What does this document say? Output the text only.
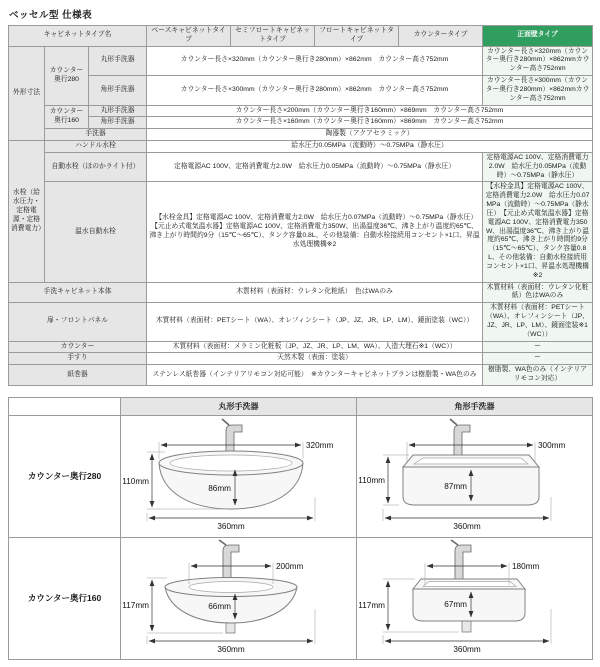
ベッセル型 仕様表
キャビネットタイプ名			ベースキャビネットタイプ	セミフロートキャビネットタイプ	フロートキャビネットタイプ	カウンタータイプ	正面壁タイプ
外形寸法	カウンター奥行280	丸形手洗器	カウンター長さ×320mm（カウンター奥行き280mm）×862mm　カウンター高さ752mm				カウンター長さ×320mm（カウンター奥行き280mm）×862mmカウンター高さ752mm
		角形手洗器	カウンター長さ×300mm（カウンター奥行き280mm）×862mm　カウンター高さ752mm				カウンター長さ×300mm（カウンター奥行き280mm）×862mmカウンター高さ752mm
	カウンター奥行160	丸形手洗器	カウンター長さ×200mm（カウンター奥行き160mm）×869mm　カウンター高さ752mm				
		角形手洗器	カウンター長さ×160mm（カウンター奥行き160mm）×869mm　カウンター高さ752mm				
	手洗器		陶器製（アクアセラミック）				
水栓（給水圧力・定格電源・定格消費電力）	ハンドル水栓		給水圧力0.05MPa（流動時）～0.75MPa（静水圧）				
	自動水栓（ほのかライト付）		定格電源AC 100V、定格消費電力2.0W　給水圧力0.05MPa（流動時）～0.75MPa（静水圧）				定格電源AC 100V、定格消費電力2.0W　給水圧力0.05MPa（流動時）～0.75MPa（静水圧）
	温水自動水栓		【水栓金具】定格電源AC 100V、定格消費電力2.0W　給水圧力0.07MPa（流動時）～0.75MPa（静水圧）　【元止め式電気温水器】定格電源AC 100V、定格消費電力350W、出湯温度36℃、沸き上がり温度約65℃、沸き上がり時間約9分（15℃～65℃）、タンク容量0.8L、その他装備：自動水栓接続用コンセント×1口、昇温水処理機構※2				【水栓金具】定格電源AC 100V、定格消費電力2.0W　給水圧力0.07MPa（流動時）～0.75MPa（静水圧）　【元止め式電気温水器】定格電源AC 100V、定格消費電力350W、出湯温度36℃、沸き上がり温度約65℃、沸き上がり時間約9分（15℃～65℃）、タンク容量0.8L、その他装備：自動水栓接続用コンセント×1口、昇温水処理機構※2
手洗キャビネット本体			木質材料（表面材：ウレタン化粧紙）　色はWAのみ				木質材料（表面材：ウレタン化粧紙）色はWAのみ
扉・フロントパネル			木質材料（表面材：PETシート（WA）、オレフィンシート（JP、JZ、JR、LP、LM）、鏡面塗装（WC））				木質材料（表面材：PETシート（WA）、オレフィンシート（JP、JZ、JR、LP、LM）、鏡面塗装※1（WC））
カウンター			木質材料（表面材：メラミン化粧板（JP、JZ、JR、LP、LM、WA）、人造大理石※1（WC））				ー
手すり			天然木製（表面：塗装）				ー
紙巻器			ステンレス紙巻器（インテリアリモコン対応可能）　※カウンターキャビネットプランは樹脂製・WA色のみ				樹脂製、WA色のみ（インテリアリモコン対応）
	丸形手洗器	角形手洗器
カウンター奥行280	320mm
110mm
86mm
360mm	300mm
110mm
87mm
360mm

カウンター奥行160	200mm
117mm 66mm
360mm	180mm
117mm 67mm
360mm
